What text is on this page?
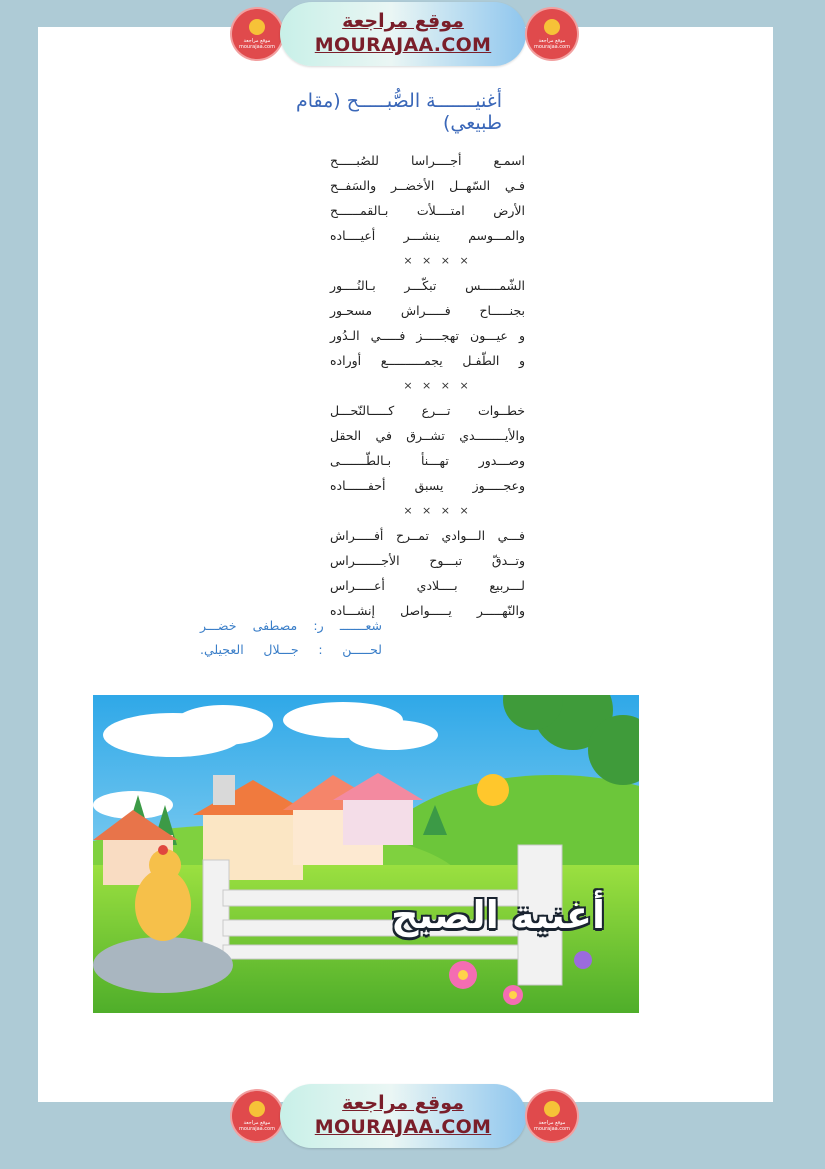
موقع مراجعة mourajaa.com
موقع مراجعة
MOURAJAA.COM	موقع مراجعة mourajaa.com
أغنيـــــــة الصُّبـــــح (مقام طبيعي)
اسمـع أجــــراسا للصُبـــــح
فـي السّهــل الأخضــر والسَفــح
الأرض امتــــلأت بـالقمــــــح
والمـــوسم ينشـــر أعيــــاده
× × × ×
الشّمـــــس تبكّـــر بـالنُــــور
بجنـــــاح فـــــراش مسحـور
و عيـــون تهجـــــز فـــــي الـدُور
و الطّفـل يجمــــــــــع أوراده
× × × ×
خطــوات تـــرع كـــــالنّحـــل
والأيــــــــدي تشــرق في الحقل
وصـــدور تهـــنأ بـالطّـــــــى
وعجـــــوز يسبق أحفــــــاده
× × × ×
فـــي الـــوادي تمــرح أفـــــراش
وتــدقّ تبـــوح الأجـــــــراس
لـــربيع بــــلادي أعـــــراس
والنّهـــــر يـــــواصل إنشـــاده
شعـــــــ ر: مصطفى خضـــر
لحـــــن : جـــلال العجيلي.
أغنية الصبح
موقع مراجعة mourajaa.com
موقع مراجعة
MOURAJAA.COM	موقع مراجعة mourajaa.com
